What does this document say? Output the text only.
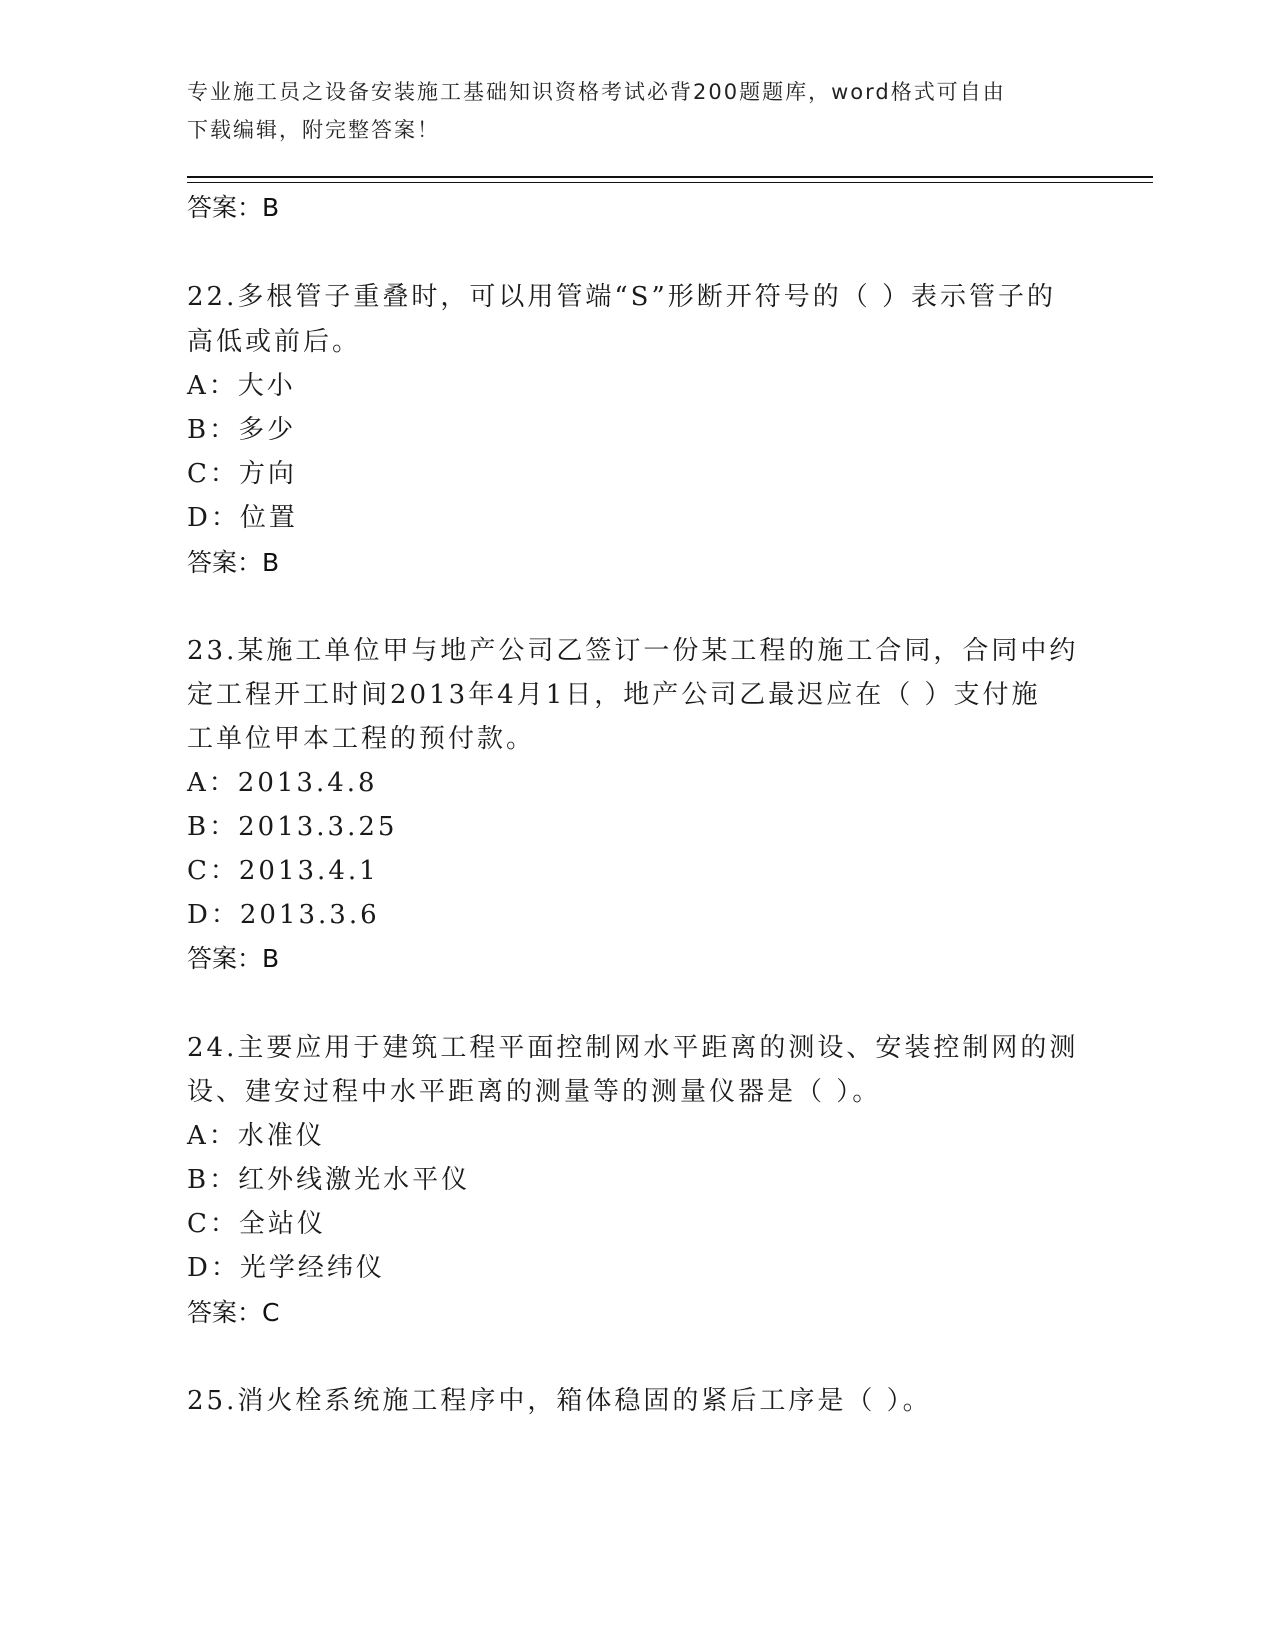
专业施工员之设备安装施工基础知识资格考试必背200题题库，word格式可自由
下载编辑，附完整答案！
答案：B
22.多根管子重叠时，可以用管端“S”形断开符号的（ ）表示管子的
高低或前后。
A：大小
B：多少
C：方向
D：位置
答案：B
23.某施工单位甲与地产公司乙签订一份某工程的施工合同，合同中约
定工程开工时间2013年4月1日，地产公司乙最迟应在（ ）支付施
工单位甲本工程的预付款。
A：2013.4.8
B：2013.3.25
C：2013.4.1
D：2013.3.6
答案：B
24.主要应用于建筑工程平面控制网水平距离的测设、安装控制网的测
设、建安过程中水平距离的测量等的测量仪器是（ ）。
A：水准仪
B：红外线激光水平仪
C：全站仪
D：光学经纬仪
答案：C
25.消火栓系统施工程序中，箱体稳固的紧后工序是（ ）。
